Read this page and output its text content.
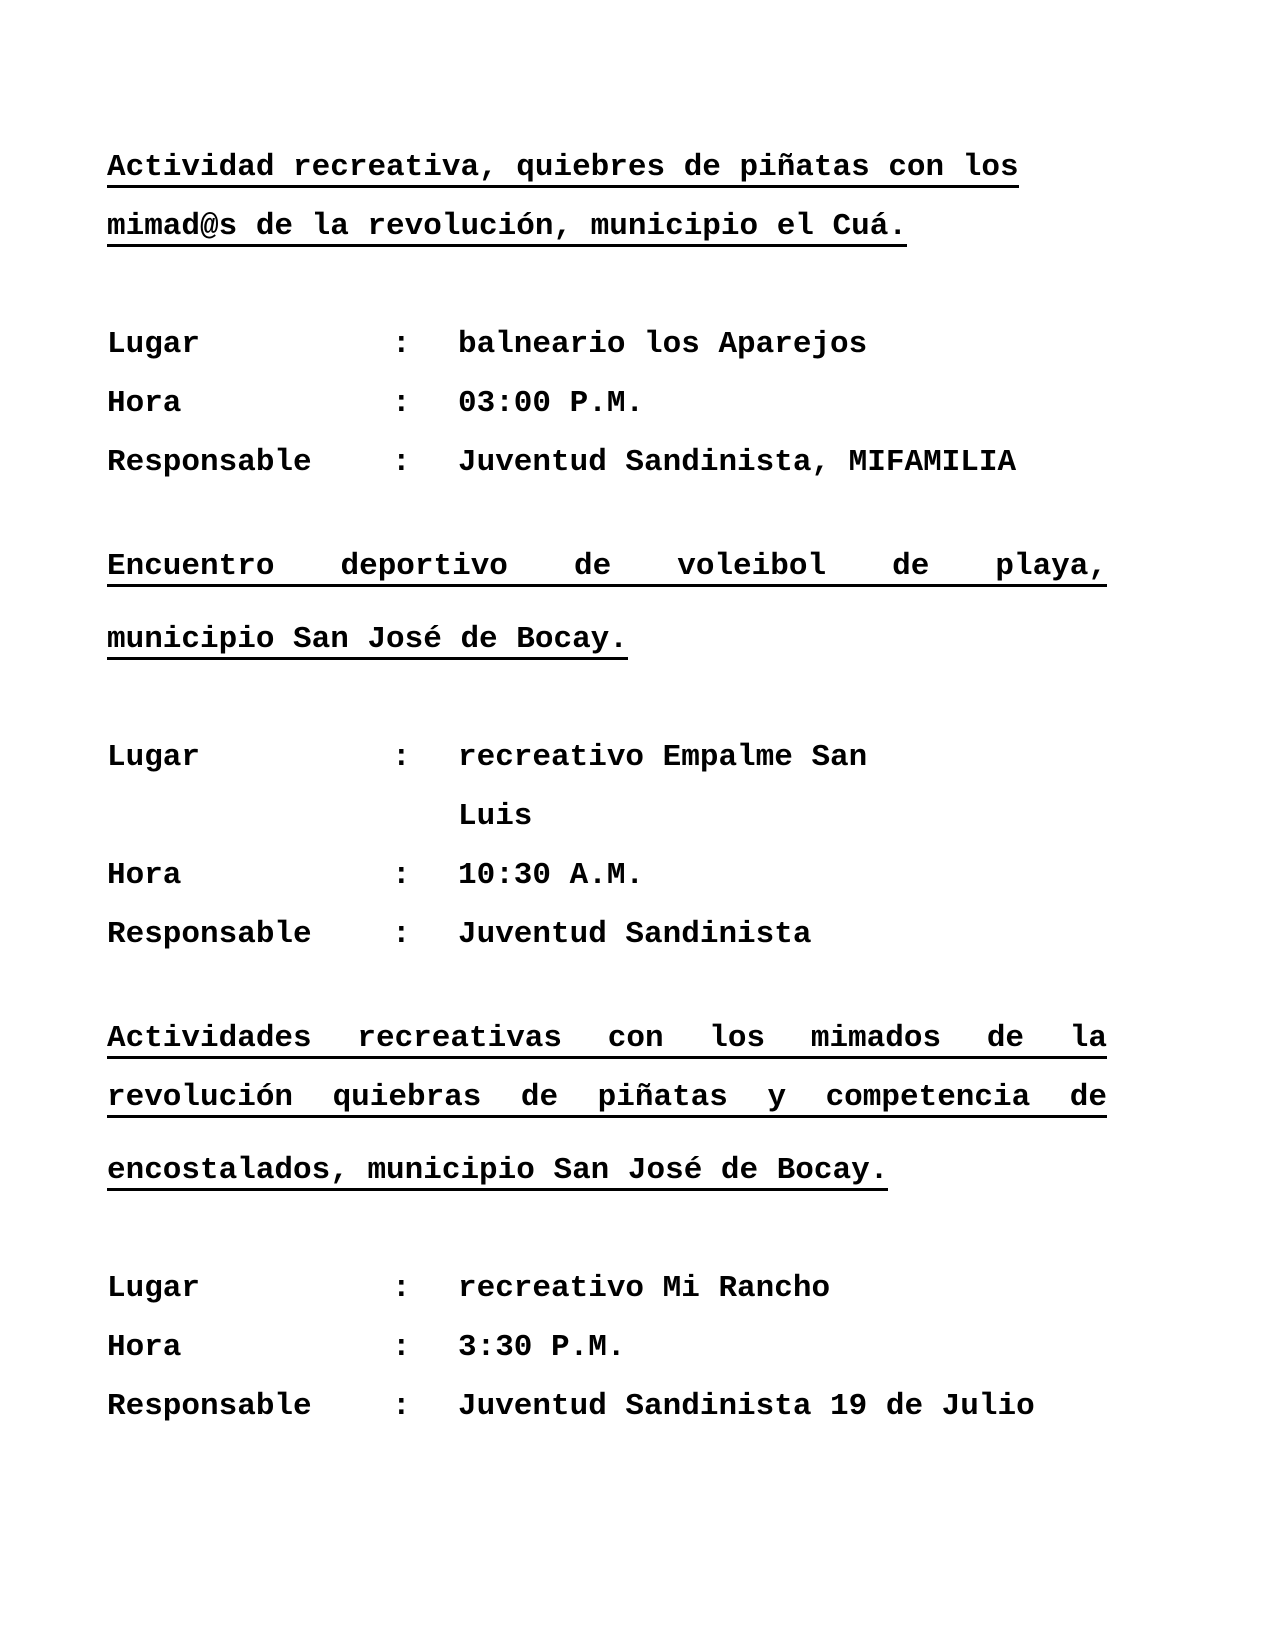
Actividad recreativa, quiebres de piñatas con los
mimad@s de la revolución, municipio el Cuá.
Lugar	:	balneario los Aparejos
Hora	:	03:00 P.M.
Responsable	:	Juventud Sandinista, MIFAMILIA
Encuentro deportivo de voleibol de playa,
municipio San José de Bocay.
Lugar	:	recreativo Empalme San
Luis
Hora	:	10:30 A.M.
Responsable	:	Juventud Sandinista
Actividades recreativas con los mimados de la
revolución quiebras de piñatas y competencia de
encostalados, municipio San José de Bocay.
Lugar	:	recreativo Mi Rancho
Hora	:	3:30 P.M.
Responsable	:	Juventud Sandinista 19 de Julio
